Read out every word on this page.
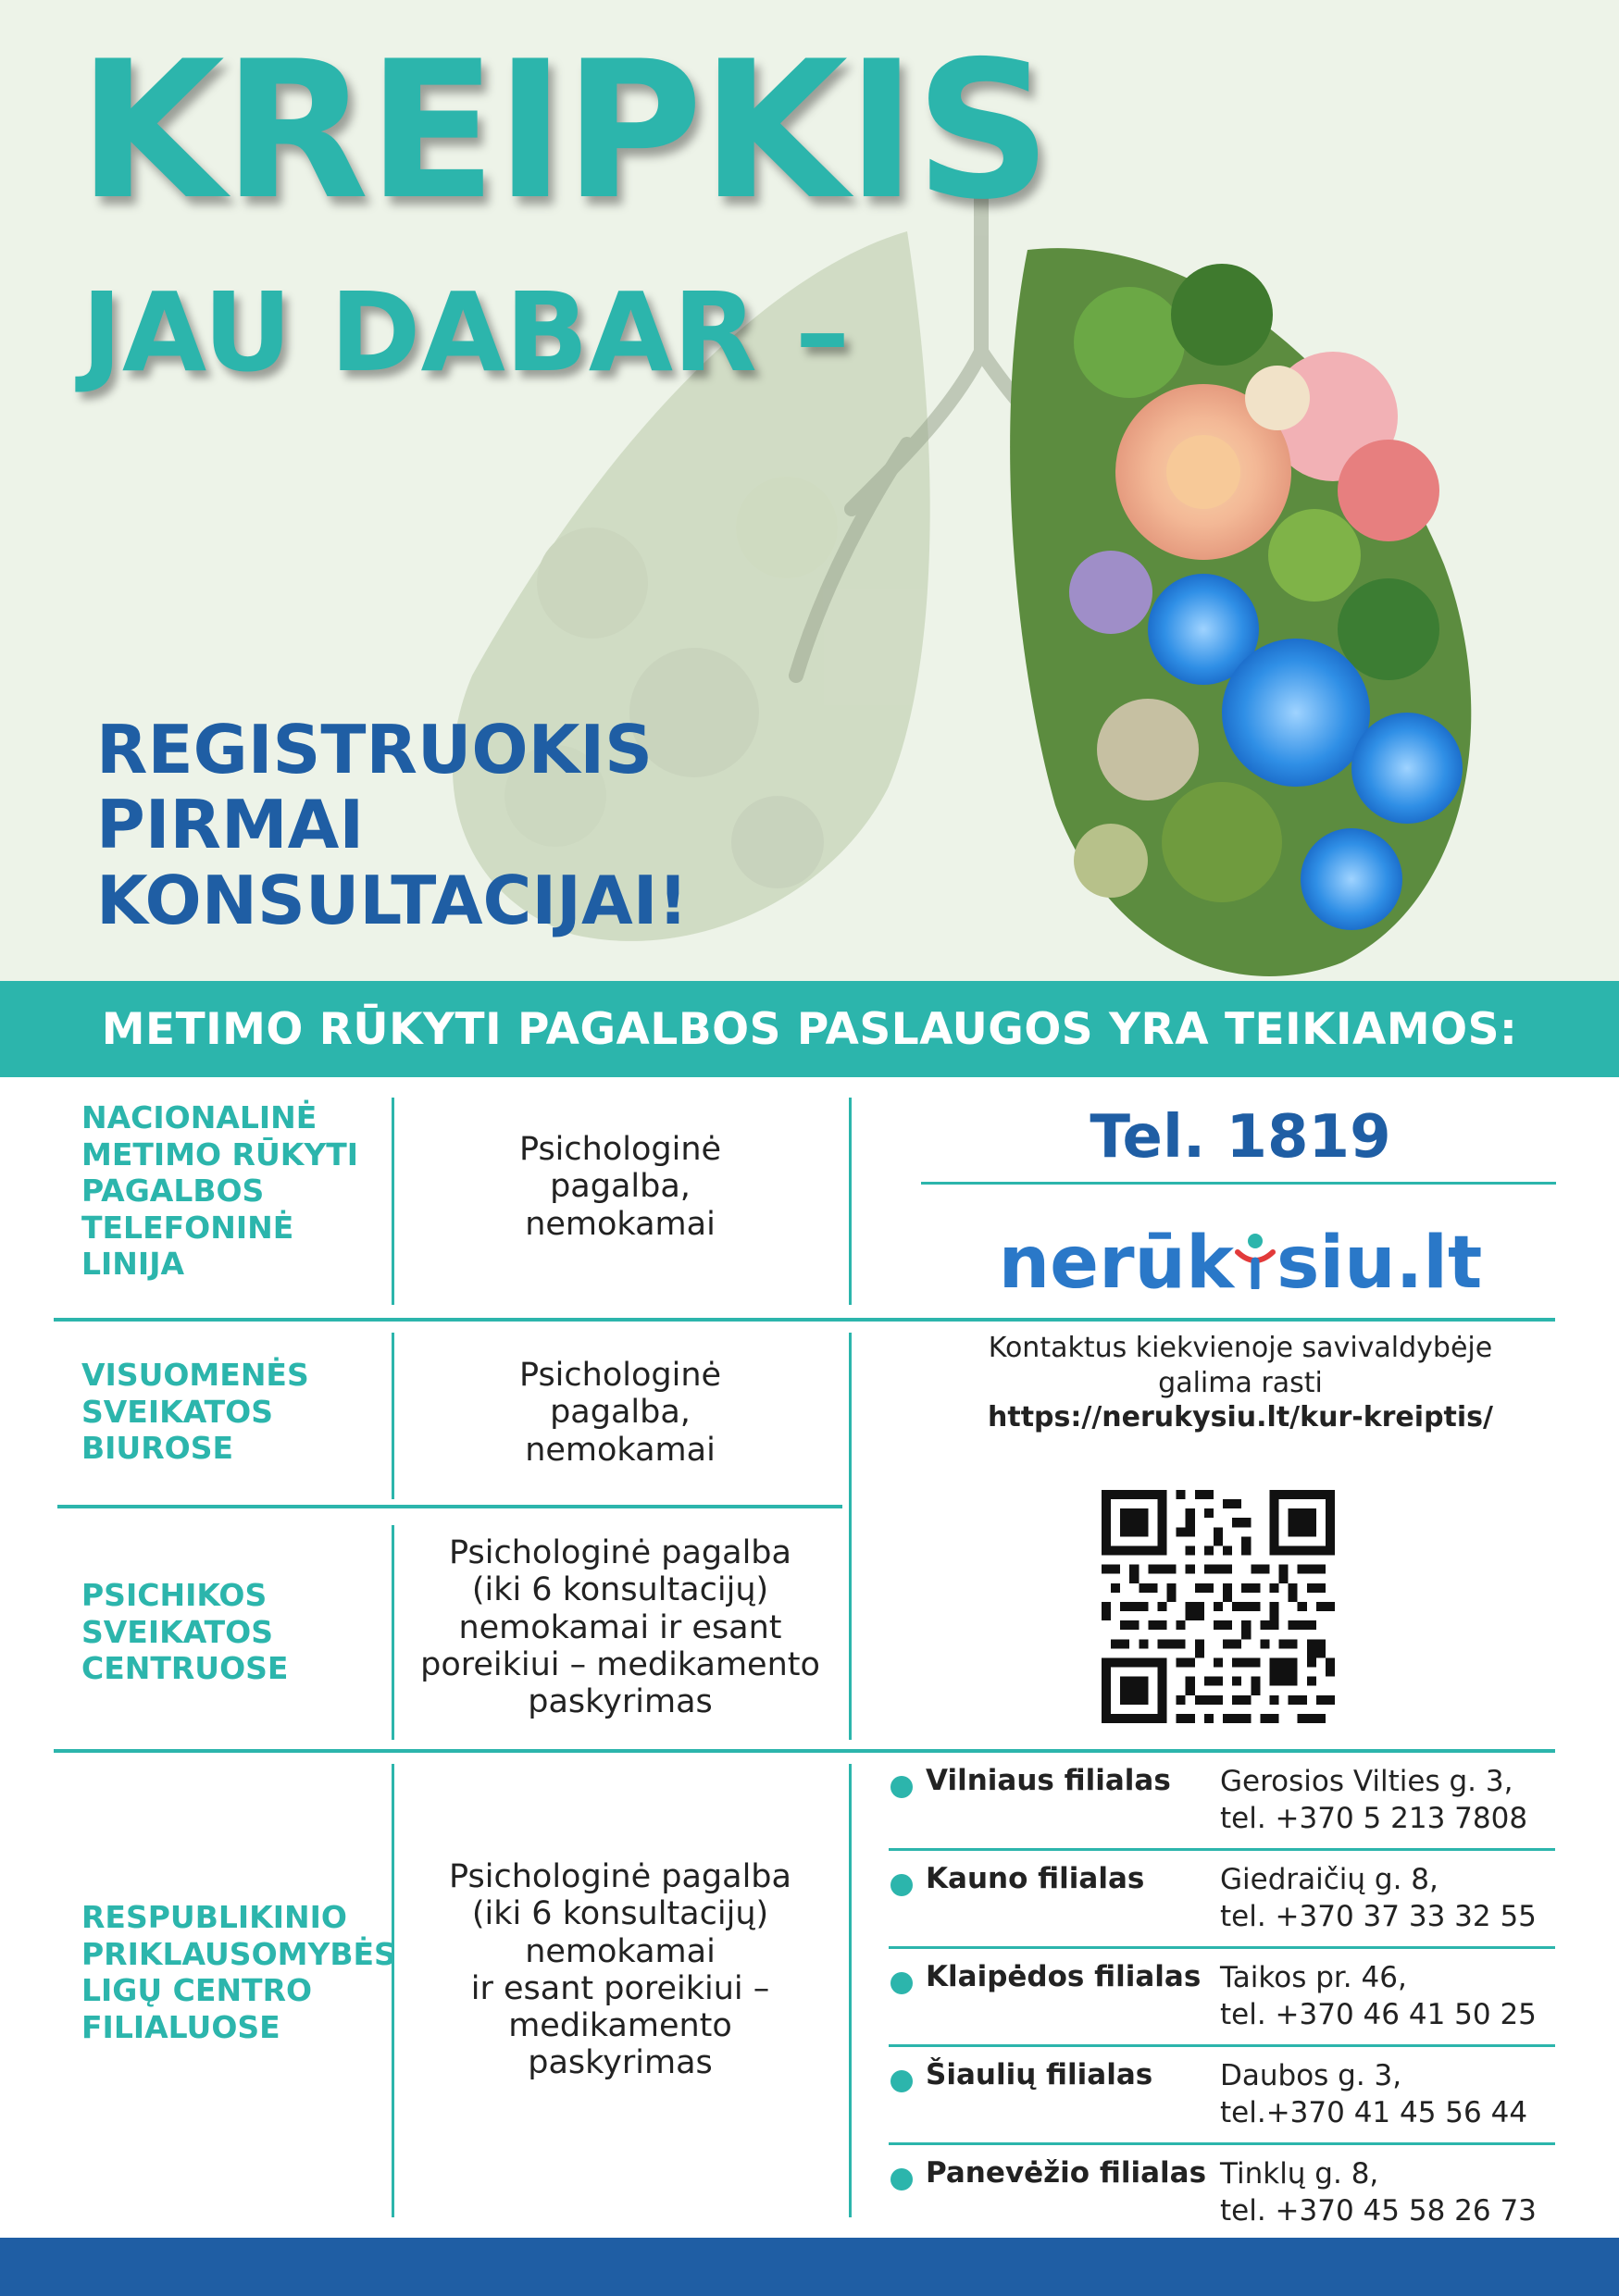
KREIPKIS
JAU DABAR –
REGISTRUOKIS
PIRMAI
KONSULTACIJAI!
METIMO RŪKYTI PAGALBOS PASLAUGOS YRA TEIKIAMOS:
NACIONALINĖ
METIMO RŪKYTI
PAGALBOS
TELEFONINĖ
LINIJA
Psichologinė
pagalba,
nemokamai
Tel. 1819
nerūk siu.lt
VISUOMENĖS
SVEIKATOS
BIUROSE
Psichologinė
pagalba,
nemokamai
Kontaktus kiekvienoje savivaldybėje
galima rasti
https://nerukysiu.lt/kur-kreiptis/
PSICHIKOS
SVEIKATOS
CENTRUOSE
Psichologinė pagalba
(iki 6 konsultacijų)
nemokamai ir esant
poreikiui – medikamento
paskyrimas
RESPUBLIKINIO
PRIKLAUSOMYBĖS
LIGŲ CENTRO
FILIALUOSE
Psichologinė pagalba
(iki 6 konsultacijų)
nemokamai
ir esant poreikiui –
medikamento
paskyrimas
Vilniaus filialas Gerosios Vilties g. 3,
tel. +370 5 213 7808
Kauno filialas	Giedraičių g. 8,
tel. +370 37 33 32 55
Klaipėdos filialas Taikos pr. 46,
tel. +370 46 41 50 25
Šiaulių filialas Daubos g. 3,
tel.+370 41 45 56 44
Panevėžio filialas Tinklų g. 8,
tel. +370 45 58 26 73
